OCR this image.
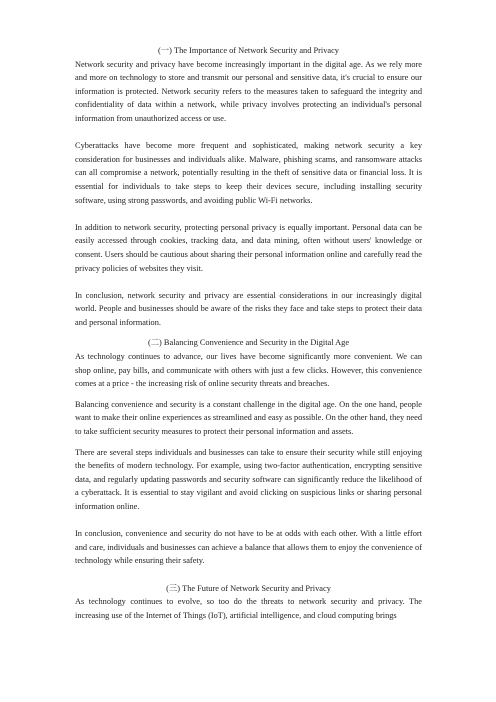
(一) The Importance of Network Security and Privacy

Network security and privacy have become increasingly important in the digital age. As we rely more and more on technology to store and transmit our personal and sensitive data, it's crucial to ensure our information is protected. Network security refers to the measures taken to safeguard the integrity and confidentiality of data within a network, while privacy involves protecting an individual's personal information from unauthorized access or use.

Cyberattacks have become more frequent and sophisticated, making network security a key consideration for businesses and individuals alike. Malware, phishing scams, and ransomware attacks can all compromise a network, potentially resulting in the theft of sensitive data or financial loss. It is essential for individuals to take steps to keep their devices secure, including installing security software, using strong passwords, and avoiding public Wi-Fi networks.

In addition to network security, protecting personal privacy is equally important. Personal data can be easily accessed through cookies, tracking data, and data mining, often without users' knowledge or consent. Users should be cautious about sharing their personal information online and carefully read the privacy policies of websites they visit.

In conclusion, network security and privacy are essential considerations in our increasingly digital world. People and businesses should be aware of the risks they face and take steps to protect their data and personal information.

(二) Balancing Convenience and Security in the Digital Age

As technology continues to advance, our lives have become significantly more convenient. We can shop online, pay bills, and communicate with others with just a few clicks. However, this convenience comes at a price - the increasing risk of online security threats and breaches.

Balancing convenience and security is a constant challenge in the digital age. On the one hand, people want to make their online experiences as streamlined and easy as possible. On the other hand, they need to take sufficient security measures to protect their personal information and assets.

There are several steps individuals and businesses can take to ensure their security while still enjoying the benefits of modern technology. For example, using two-factor authentication, encrypting sensitive data, and regularly updating passwords and security software can significantly reduce the likelihood of a cyberattack. It is essential to stay vigilant and avoid clicking on suspicious links or sharing personal information online.

In conclusion, convenience and security do not have to be at odds with each other. With a little effort and care, individuals and businesses can achieve a balance that allows them to enjoy the convenience of technology while ensuring their safety.

(三) The Future of Network Security and Privacy

As technology continues to evolve, so too do the threats to network security and privacy. The increasing use of the Internet of Things (IoT), artificial intelligence, and cloud computing brings
